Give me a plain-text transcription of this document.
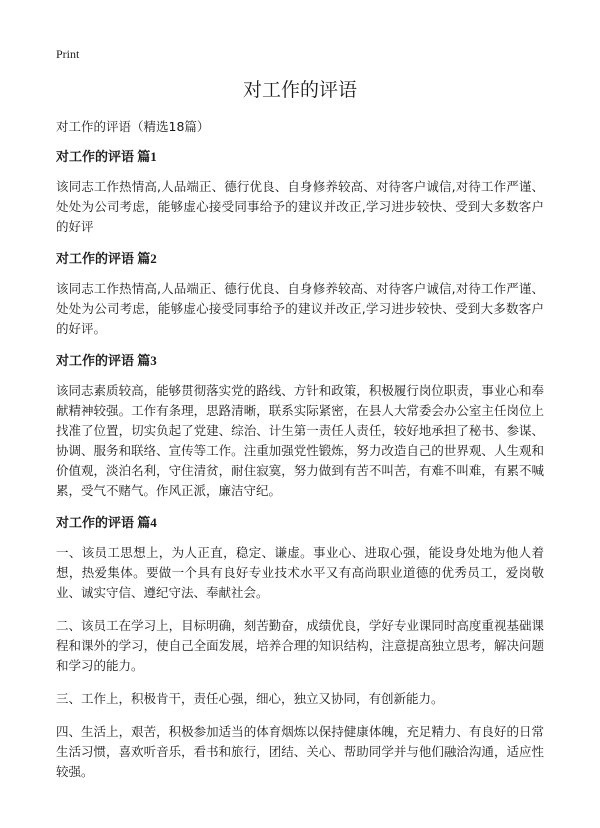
Print
对工作的评语
对工作的评语（精选18篇）
对工作的评语 篇1

该同志工作热情高,人品端正、德行优良、自身修养较高、对待客户诚信,对待工作严谨、处处为公司考虑，能够虚心接受同事给予的建议并改正,学习进步较快、受到大多数客户的好评

对工作的评语 篇2

该同志工作热情高,人品端正、德行优良、自身修养较高、对待客户诚信,对待工作严谨、处处为公司考虑，能够虚心接受同事给予的建议并改正,学习进步较快、受到大多数客户的好评。

对工作的评语 篇3

该同志素质较高，能够贯彻落实党的路线、方针和政策，积极履行岗位职责，事业心和奉献精神较强。工作有条理，思路清晰，联系实际紧密，在县人大常委会办公室主任岗位上找准了位置，切实负起了党建、综治、计生第一责任人责任，较好地承担了秘书、参谋、协调、服务和联络、宣传等工作。注重加强党性锻炼，努力改造自己的世界观、人生观和价值观，淡泊名利，守住清贫，耐住寂寞，努力做到有苦不叫苦，有难不叫难，有累不喊累，受气不赌气。作风正派，廉洁守纪。

对工作的评语 篇4

一、该员工思想上，为人正直，稳定、谦虚。事业心、进取心强，能设身处地为他人着想，热爱集体。要做一个具有良好专业技术水平又有高尚职业道德的优秀员工，爱岗敬业、诚实守信、遵纪守法、奉献社会。

二、该员工在学习上，目标明确，刻苦勤奋，成绩优良，学好专业课同时高度重视基础课程和课外的学习，使自己全面发展，培养合理的知识结构，注意提高独立思考，解决问题和学习的能力。

三、工作上，积极肯干，责任心强，细心，独立又协同，有创新能力。

四、生活上，艰苦，积极参加适当的体育烟炼以保持健康体魄，充足精力、有良好的日常生活习惯，喜欢听音乐，看书和旅行，团结、关心、帮助同学并与他们融洽沟通，适应性较强。
